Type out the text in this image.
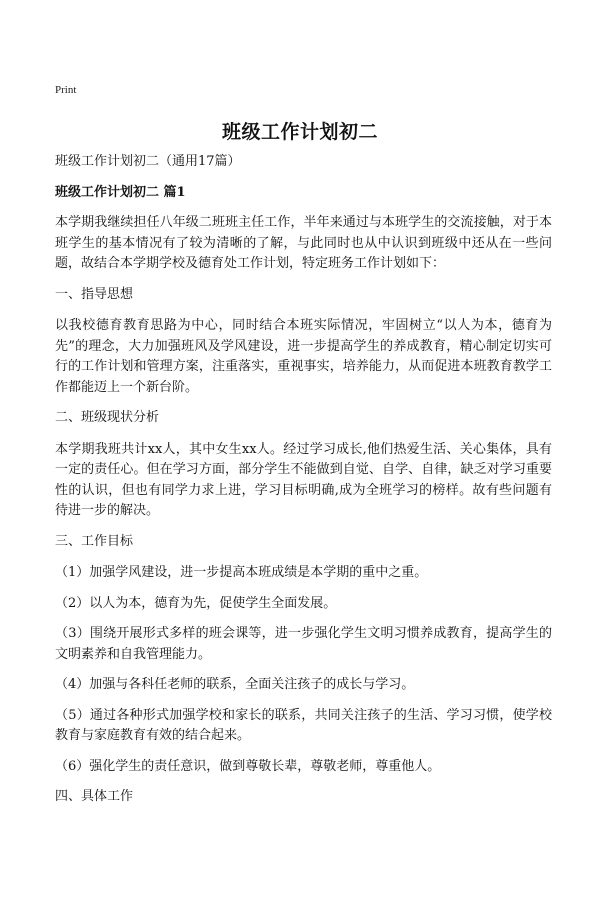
Print
班级工作计划初二

班级工作计划初二（通用17篇）

班级工作计划初二 篇1

本学期我继续担任八年级二班班主任工作，半年来通过与本班学生的交流接触，对于本班学生的基本情况有了较为清晰的了解，与此同时也从中认识到班级中还从在一些问题，故结合本学期学校及德育处工作计划，特定班务工作计划如下：

一、指导思想

以我校德育教育思路为中心，同时结合本班实际情况，牢固树立“以人为本，德育为先”的理念，大力加强班风及学风建设，进一步提高学生的养成教育，精心制定切实可行的工作计划和管理方案，注重落实，重视事实，培养能力，从而促进本班教育教学工作都能迈上一个新台阶。

二、班级现状分析

本学期我班共计xx人，其中女生xx人。经过学习成长,他们热爱生活、关心集体，具有一定的责任心。但在学习方面，部分学生不能做到自觉、自学、自律，缺乏对学习重要性的认识，但也有同学力求上进，学习目标明确,成为全班学习的榜样。故有些问题有待进一步的解决。

三、工作目标

（1）加强学风建设，进一步提高本班成绩是本学期的重中之重。

（2）以人为本，德育为先，促使学生全面发展。

（3）围绕开展形式多样的班会课等，进一步强化学生文明习惯养成教育，提高学生的文明素养和自我管理能力。

（4）加强与各科任老师的联系，全面关注孩子的成长与学习。

（5）通过各种形式加强学校和家长的联系，共同关注孩子的生活、学习习惯，使学校教育与家庭教育有效的结合起来。

（6）强化学生的责任意识，做到尊敬长辈，尊敬老师，尊重他人。

四、具体工作
